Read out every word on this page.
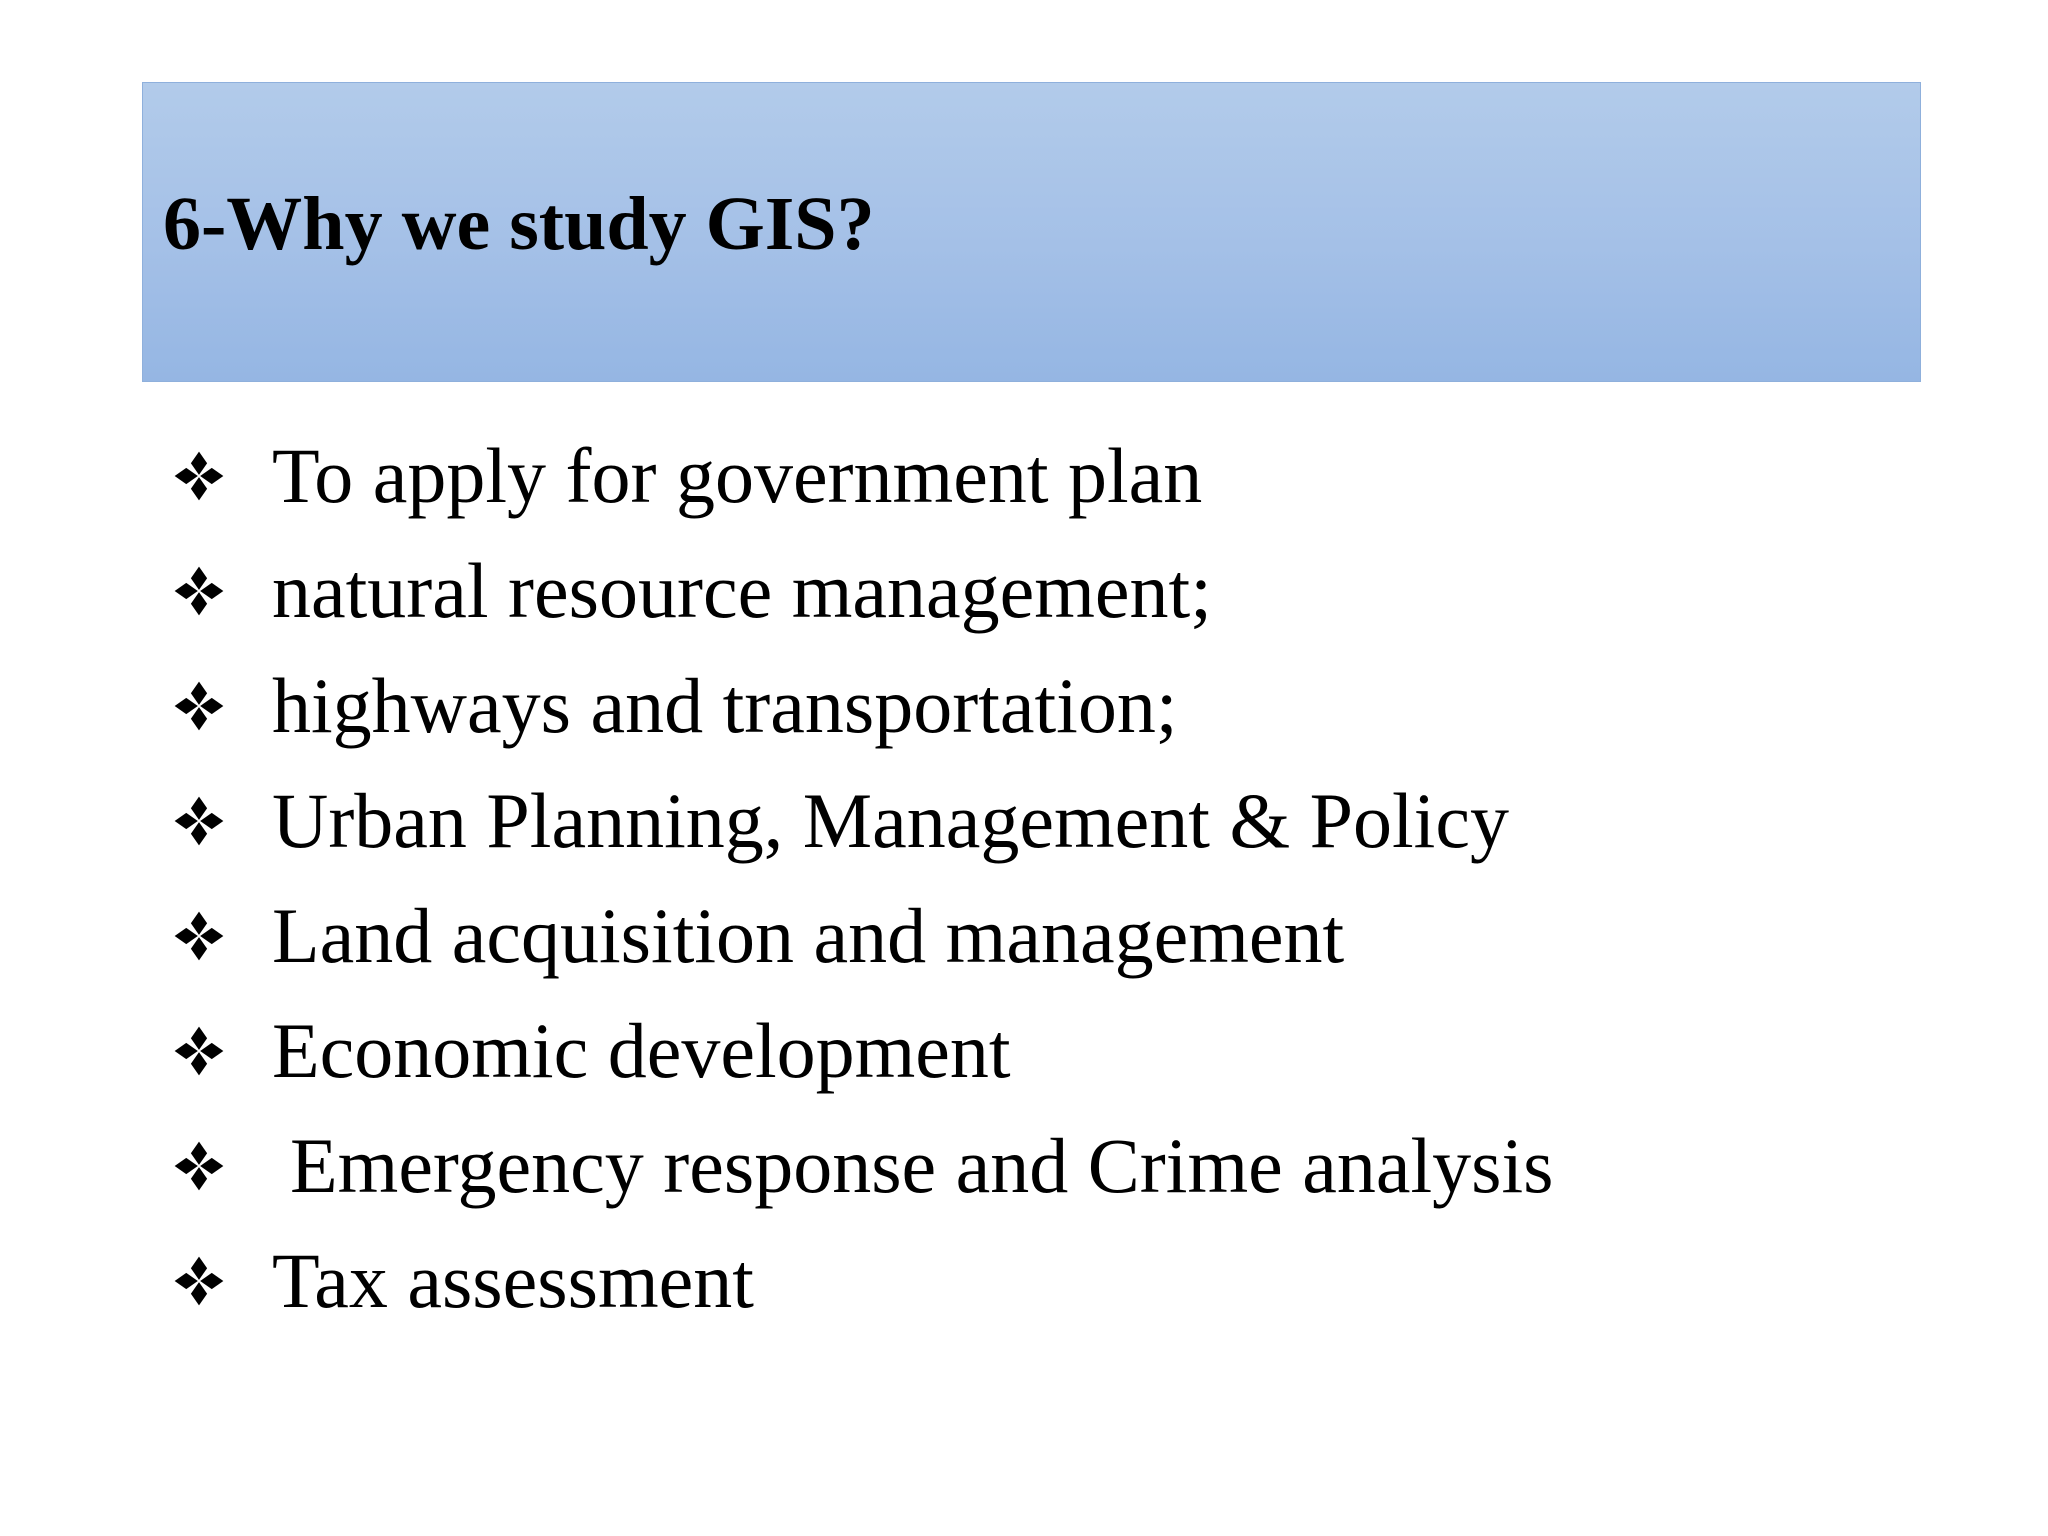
6-Why we study GIS?
To apply for government plan
natural resource management;
highways and transportation;
Urban Planning, Management & Policy
Land acquisition and management
Economic development
Emergency response and Crime analysis
Tax assessment
